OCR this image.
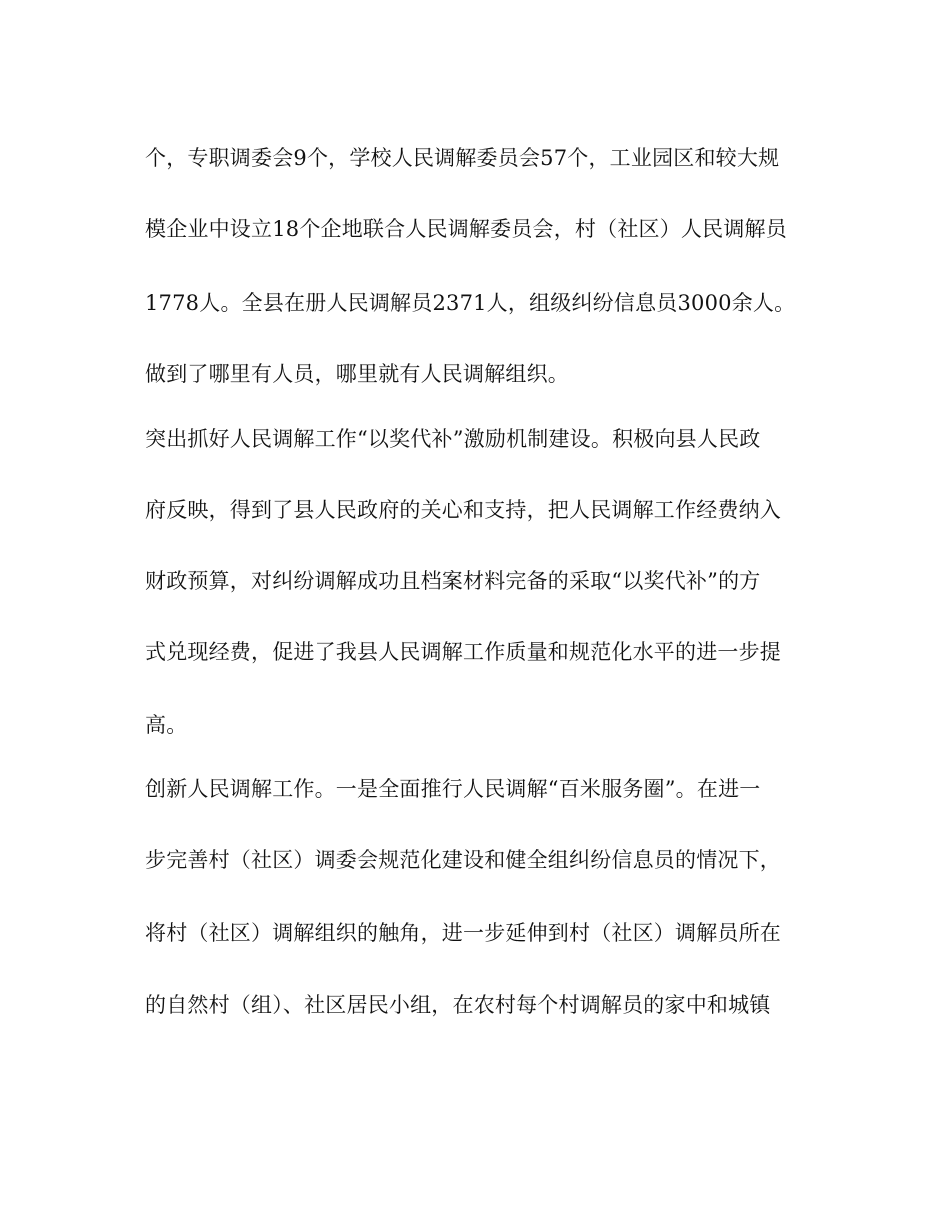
个，专职调委会9个，学校人民调解委员会57个，工业园区和较大规
模企业中设立18个企地联合人民调解委员会，村（社区）人民调解员
1778人。全县在册人民调解员2371人，组级纠纷信息员3000余人。
做到了哪里有人员，哪里就有人民调解组织。
突出抓好人民调解工作“以奖代补”激励机制建设。积极向县人民政
府反映，得到了县人民政府的关心和支持，把人民调解工作经费纳入
财政预算，对纠纷调解成功且档案材料完备的采取“以奖代补”的方
式兑现经费，促进了我县人民调解工作质量和规范化水平的进一步提
高。
创新人民调解工作。一是全面推行人民调解“百米服务圈”。在进一
步完善村（社区）调委会规范化建设和健全组纠纷信息员的情况下，
将村（社区）调解组织的触角，进一步延伸到村（社区）调解员所在
的自然村（组）、社区居民小组，在农村每个村调解员的家中和城镇
